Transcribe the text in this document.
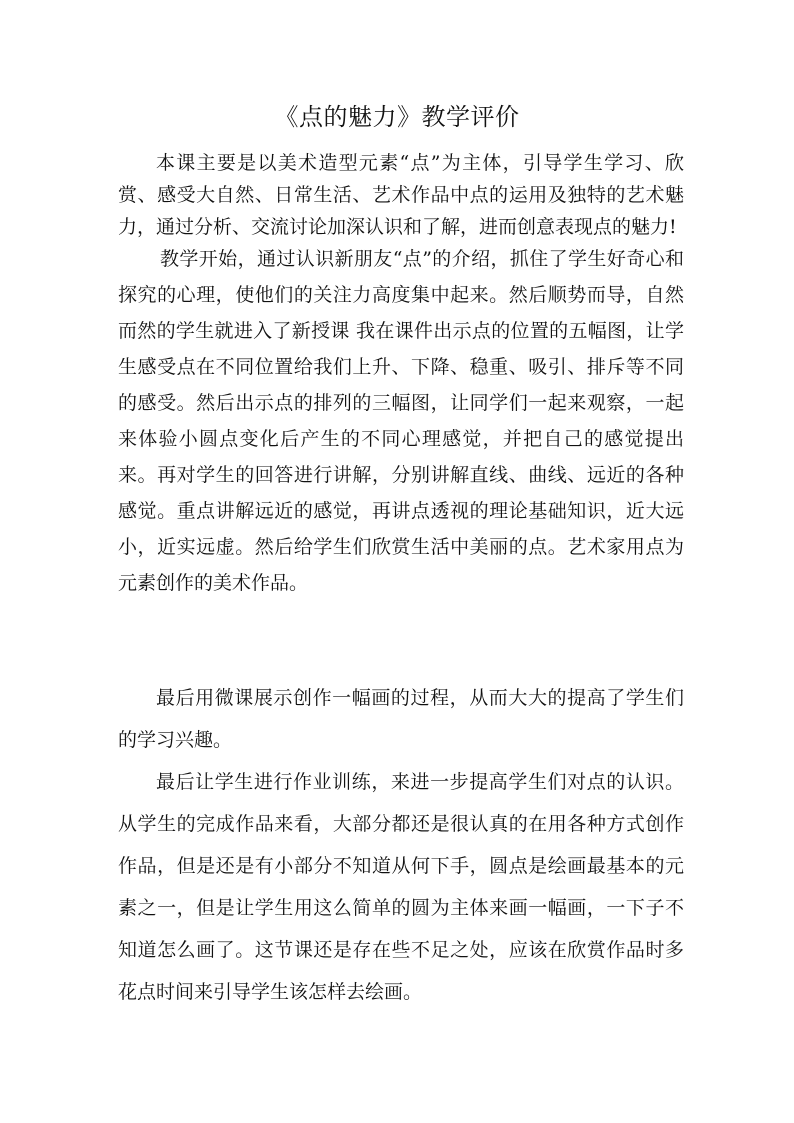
《点的魅力》教学评价

本课主要是以美术造型元素“点”为主体，引导学生学习、欣赏、感受大自然、日常生活、艺术作品中点的运用及独特的艺术魅力，通过分析、交流讨论加深认识和了解，进而创意表现点的魅力!

教学开始，通过认识新朋友“点”的介绍，抓住了学生好奇心和探究的心理，使他们的关注力高度集中起来。然后顺势而导，自然而然的学生就进入了新授课 我在课件出示点的位置的五幅图，让学生感受点在不同位置给我们上升、下降、稳重、吸引、排斥等不同的感受。然后出示点的排列的三幅图，让同学们一起来观察，一起来体验小圆点变化后产生的不同心理感觉，并把自己的感觉提出来。再对学生的回答进行讲解，分别讲解直线、曲线、远近的各种感觉。重点讲解远近的感觉，再讲点透视的理论基础知识，近大远小，近实远虚。然后给学生们欣赏生活中美丽的点。艺术家用点为元素创作的美术作品。

最后用微课展示创作一幅画的过程，从而大大的提高了学生们的学习兴趣。

最后让学生进行作业训练，来进一步提高学生们对点的认识。从学生的完成作品来看，大部分都还是很认真的在用各种方式创作作品，但是还是有小部分不知道从何下手，圆点是绘画最基本的元素之一，但是让学生用这么简单的圆为主体来画一幅画，一下子不知道怎么画了。这节课还是存在些不足之处，应该在欣赏作品时多花点时间来引导学生该怎样去绘画。
